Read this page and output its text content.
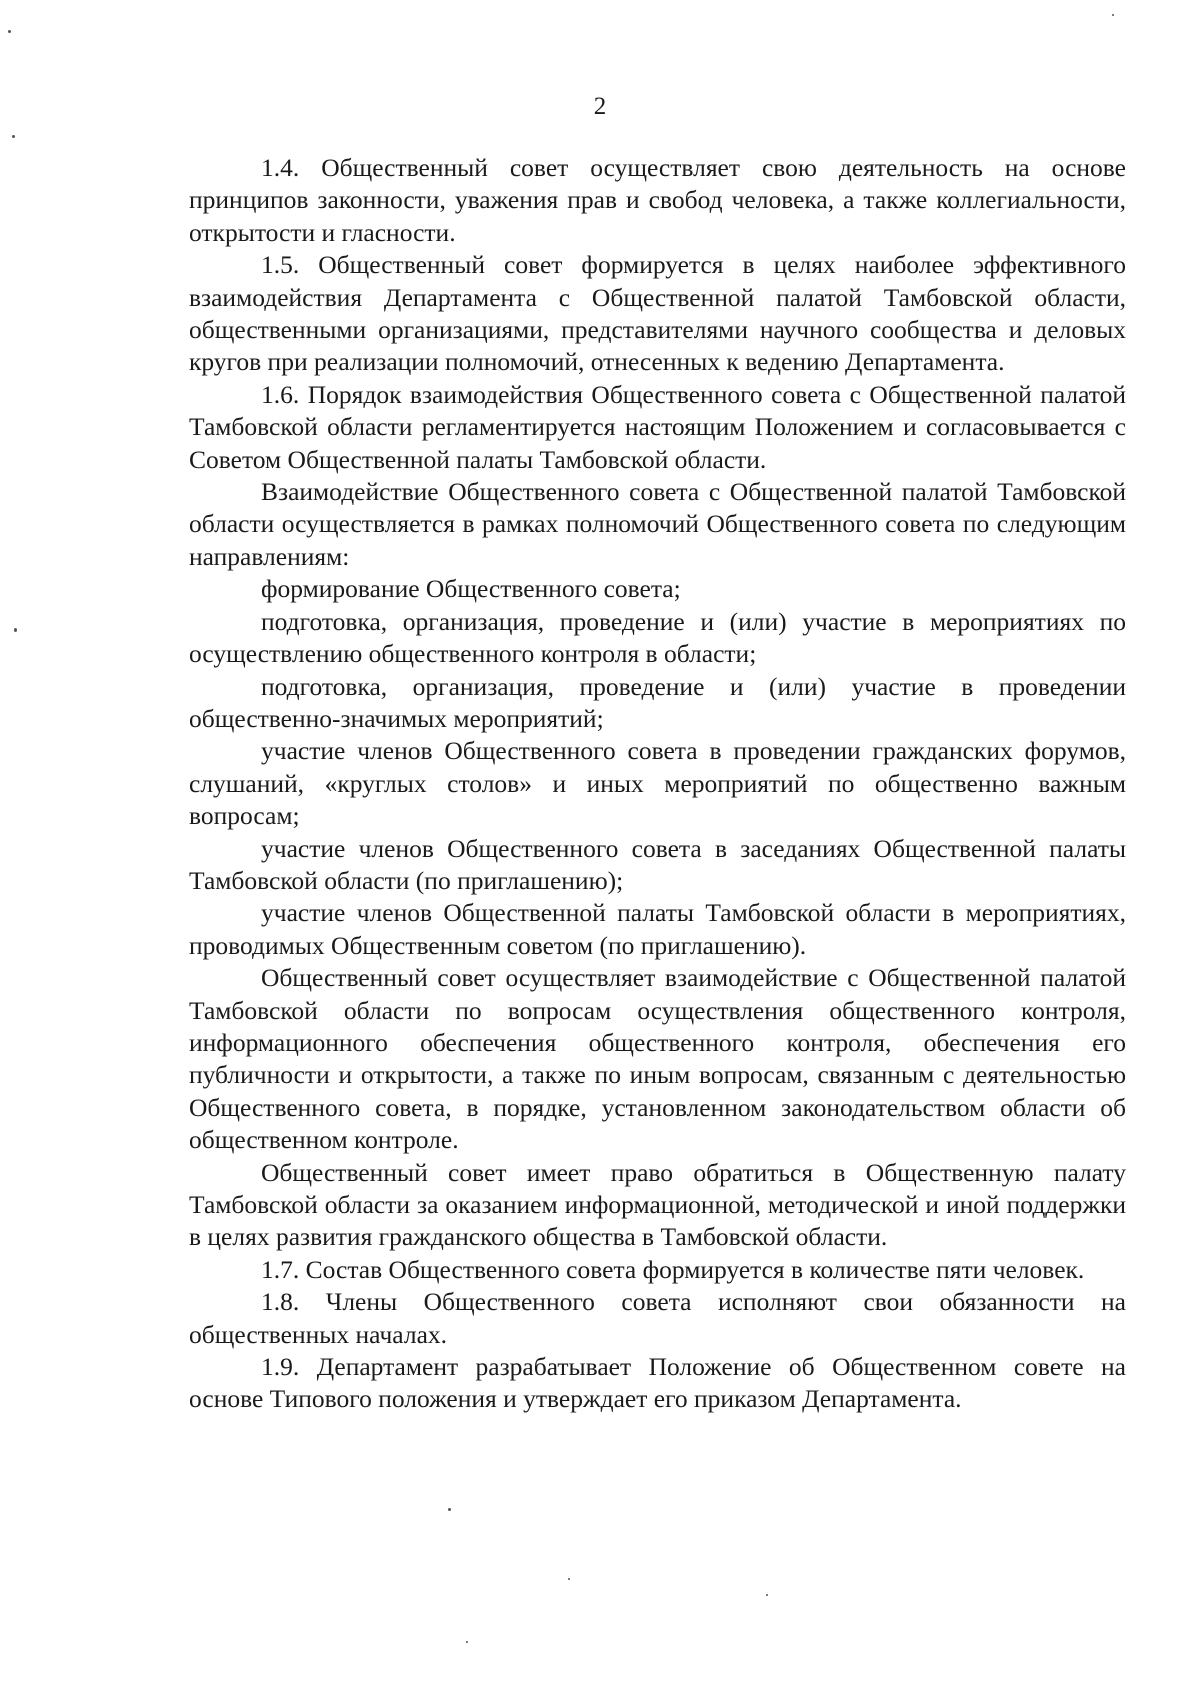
2

1.4. Общественный совет осуществляет свою деятельность на основе принципов законности, уважения прав и свобод человека, а также коллегиальности, открытости и гласности.

1.5. Общественный совет формируется в целях наиболее эффективного взаимодействия Департамента с Общественной палатой Тамбовской области, общественными организациями, представителями научного сообщества и деловых кругов при реализации полномочий, отнесенных к ведению Департамента.

1.6. Порядок взаимодействия Общественного совета с Общественной палатой Тамбовской области регламентируется настоящим Положением и согласовывается с Советом Общественной палаты Тамбовской области.

Взаимодействие Общественного совета с Общественной палатой Тамбовской области осуществляется в рамках полномочий Общественного совета по следующим направлениям:

формирование Общественного совета;

подготовка, организация, проведение и (или) участие в мероприятиях по осуществлению общественного контроля в области;

подготовка, организация, проведение и (или) участие в проведении общественно-значимых мероприятий;

участие членов Общественного совета в проведении гражданских форумов, слушаний, «круглых столов» и иных мероприятий по общественно важным вопросам;

участие членов Общественного совета в заседаниях Общественной палаты Тамбовской области (по приглашению);

участие членов Общественной палаты Тамбовской области в мероприятиях, проводимых Общественным советом (по приглашению).

Общественный совет осуществляет взаимодействие с Общественной палатой Тамбовской области по вопросам осуществления общественного контроля, информационного обеспечения общественного контроля, обеспечения его публичности и открытости, а также по иным вопросам, связанным с деятельностью Общественного совета, в порядке, установленном законодательством области об общественном контроле.

Общественный совет имеет право обратиться в Общественную палату Тамбовской области за оказанием информационной, методической и иной поддержки в целях развития гражданского общества в Тамбовской области.

1.7. Состав Общественного совета формируется в количестве пяти человек.

1.8. Члены Общественного совета исполняют свои обязанности на общественных началах.

1.9. Департамент разрабатывает Положение об Общественном совете на основе Типового положения и утверждает его приказом Департамента.
